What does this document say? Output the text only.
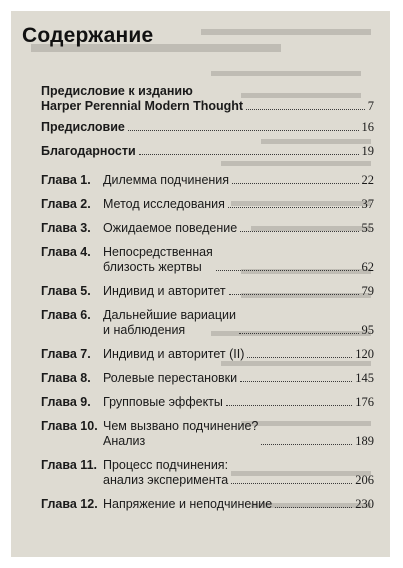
Содержание
Предисловие к изданию
Harper Perennial Modern Thought	7
Предисловие	16
Благодарности	19
Глава 1. Дилемма подчинения	22
Глава 2. Метод исследования	37
Глава 3. Ожидаемое поведение	55
Глава 4. Непосредственная
близость жертвы	62
Глава 5. Индивид и авторитет	79
Глава 6. Дальнейшие вариации
и наблюдения	95
Глава 7. Индивид и авторитет (II)	120
Глава 8. Ролевые перестановки	145
Глава 9. Групповые эффекты	176
Глава 10. Чем вызвано подчинение?
Анализ	189
Глава 11. Процесс подчинения:
анализ эксперимента	206
Глава 12. Напряжение и неподчинение	230
